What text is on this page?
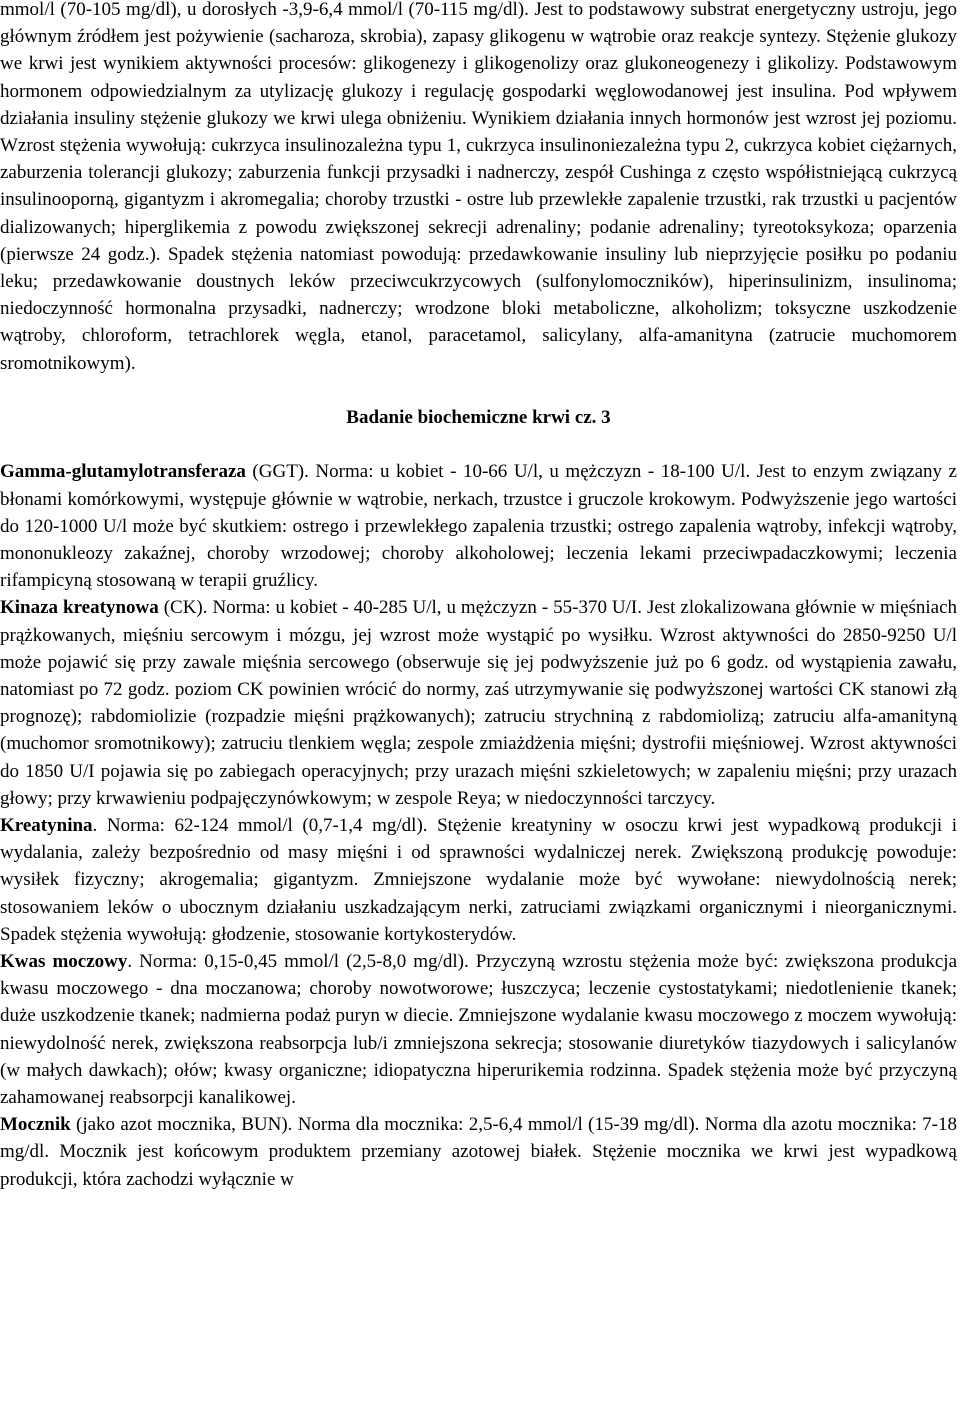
mmol/l (70-105 mg/dl), u dorosłych -3,9-6,4 mmol/l (70-115 mg/dl). Jest to podstawowy substrat energetyczny ustroju, jego głównym źródłem jest pożywienie (sacharoza, skrobia), zapasy glikogenu w wątrobie oraz reakcje syntezy. Stężenie glukozy we krwi jest wynikiem aktywności procesów: glikogenezy i glikogenolizy oraz glukoneogenezy i glikolizy. Podstawowym hormonem odpowiedzialnym za utylizację glukozy i regulację gospodarki węglowodanowej jest insulina. Pod wpływem działania insuliny stężenie glukozy we krwi ulega obniżeniu. Wynikiem działania innych hormonów jest wzrost jej poziomu. Wzrost stężenia wywołują: cukrzyca insulinozależna typu 1, cukrzyca insulinoniezależna typu 2, cukrzyca kobiet ciężarnych, zaburzenia tolerancji glukozy; zaburzenia funkcji przysadki i nadnerczy, zespół Cushinga z często współistniejącą cukrzycą insulinooporną, gigantyzm i akromegalia; choroby trzustki - ostre lub przewlekłe zapalenie trzustki, rak trzustki u pacjentów dializowanych; hiperglikemia z powodu zwiększonej sekrecji adrenaliny; podanie adrenaliny; tyreotoksykoza; oparzenia (pierwsze 24 godz.). Spadek stężenia natomiast powodują: przedawkowanie insuliny lub nieprzyjęcie posiłku po podaniu leku; przedawkowanie doustnych leków przeciwcukrzycowych (sulfonylomoczników), hiperinsulinizm, insulinoma; niedoczynność hormonalna przysadki, nadnerczy; wrodzone bloki metaboliczne, alkoholizm; toksyczne uszkodzenie wątroby, chloroform, tetrachlorek węgla, etanol, paracetamol, salicylany, alfa-amanityna (zatrucie muchomorem sromotnikowym).

Badanie biochemiczne krwi cz. 3

Gamma-glutamylotransferaza (GGT). Norma: u kobiet - 10-66 U/l, u mężczyzn - 18-100 U/l. Jest to enzym związany z błonami komórkowymi, występuje głównie w wątrobie, nerkach, trzustce i gruczole krokowym. Podwyższenie jego wartości do 120-1000 U/l może być skutkiem: ostrego i przewlekłego zapalenia trzustki; ostrego zapalenia wątroby, infekcji wątroby, mononukleozy zakaźnej, choroby wrzodowej; choroby alkoholowej; leczenia lekami przeciwpadaczkowymi; leczenia rifampicyną stosowaną w terapii gruźlicy.

Kinaza kreatynowa (CK). Norma: u kobiet - 40-285 U/l, u mężczyzn - 55-370 U/I. Jest zlokalizowana głównie w mięśniach prążkowanych, mięśniu sercowym i mózgu, jej wzrost może wystąpić po wysiłku. Wzrost aktywności do 2850-9250 U/l może pojawić się przy zawale mięśnia sercowego (obserwuje się jej podwyższenie już po 6 godz. od wystąpienia zawału, natomiast po 72 godz. poziom CK powinien wrócić do normy, zaś utrzymywanie się podwyższonej wartości CK stanowi złą prognozę); rabdomiolizie (rozpadzie mięśni prążkowanych); zatruciu strychniną z rabdomiolizą; zatruciu alfa-amanityną (muchomor sromotnikowy); zatruciu tlenkiem węgla; zespole zmiażdżenia mięśni; dystrofii mięśniowej. Wzrost aktywności do 1850 U/I pojawia się po zabiegach operacyjnych; przy urazach mięśni szkieletowych; w zapaleniu mięśni; przy urazach głowy; przy krwawieniu podpajęczynówkowym; w zespole Reya; w niedoczynności tarczycy.

Kreatynina. Norma: 62-124 mmol/l (0,7-1,4 mg/dl). Stężenie kreatyniny w osoczu krwi jest wypadkową produkcji i wydalania, zależy bezpośrednio od masy mięśni i od sprawności wydalniczej nerek. Zwiększoną produkcję powoduje: wysiłek fizyczny; akrogemalia; gigantyzm. Zmniejszone wydalanie może być wywołane: niewydolnością nerek; stosowaniem leków o ubocznym działaniu uszkadzającym nerki, zatruciami związkami organicznymi i nieorganicznymi. Spadek stężenia wywołują: głodzenie, stosowanie kortykosterydów.

Kwas moczowy. Norma: 0,15-0,45 mmol/l (2,5-8,0 mg/dl). Przyczyną wzrostu stężenia może być: zwiększona produkcja kwasu moczowego - dna moczanowa; choroby nowotworowe; łuszczyca; leczenie cystostatykami; niedotlenienie tkanek; duże uszkodzenie tkanek; nadmierna podaż puryn w diecie. Zmniejszone wydalanie kwasu moczowego z moczem wywołują: niewydolność nerek, zwiększona reabsorpcja lub/i zmniejszona sekrecja; stosowanie diuretyków tiazydowych i salicylanów (w małych dawkach); ołów; kwasy organiczne; idiopatyczna hiperurikemia rodzinna. Spadek stężenia może być przyczyną zahamowanej reabsorpcji kanalikowej.

Mocznik (jako azot mocznika, BUN). Norma dla mocznika: 2,5-6,4 mmol/l (15-39 mg/dl). Norma dla azotu mocznika: 7-18 mg/dl. Mocznik jest końcowym produktem przemiany azotowej białek. Stężenie mocznika we krwi jest wypadkową produkcji, która zachodzi wyłącznie w
